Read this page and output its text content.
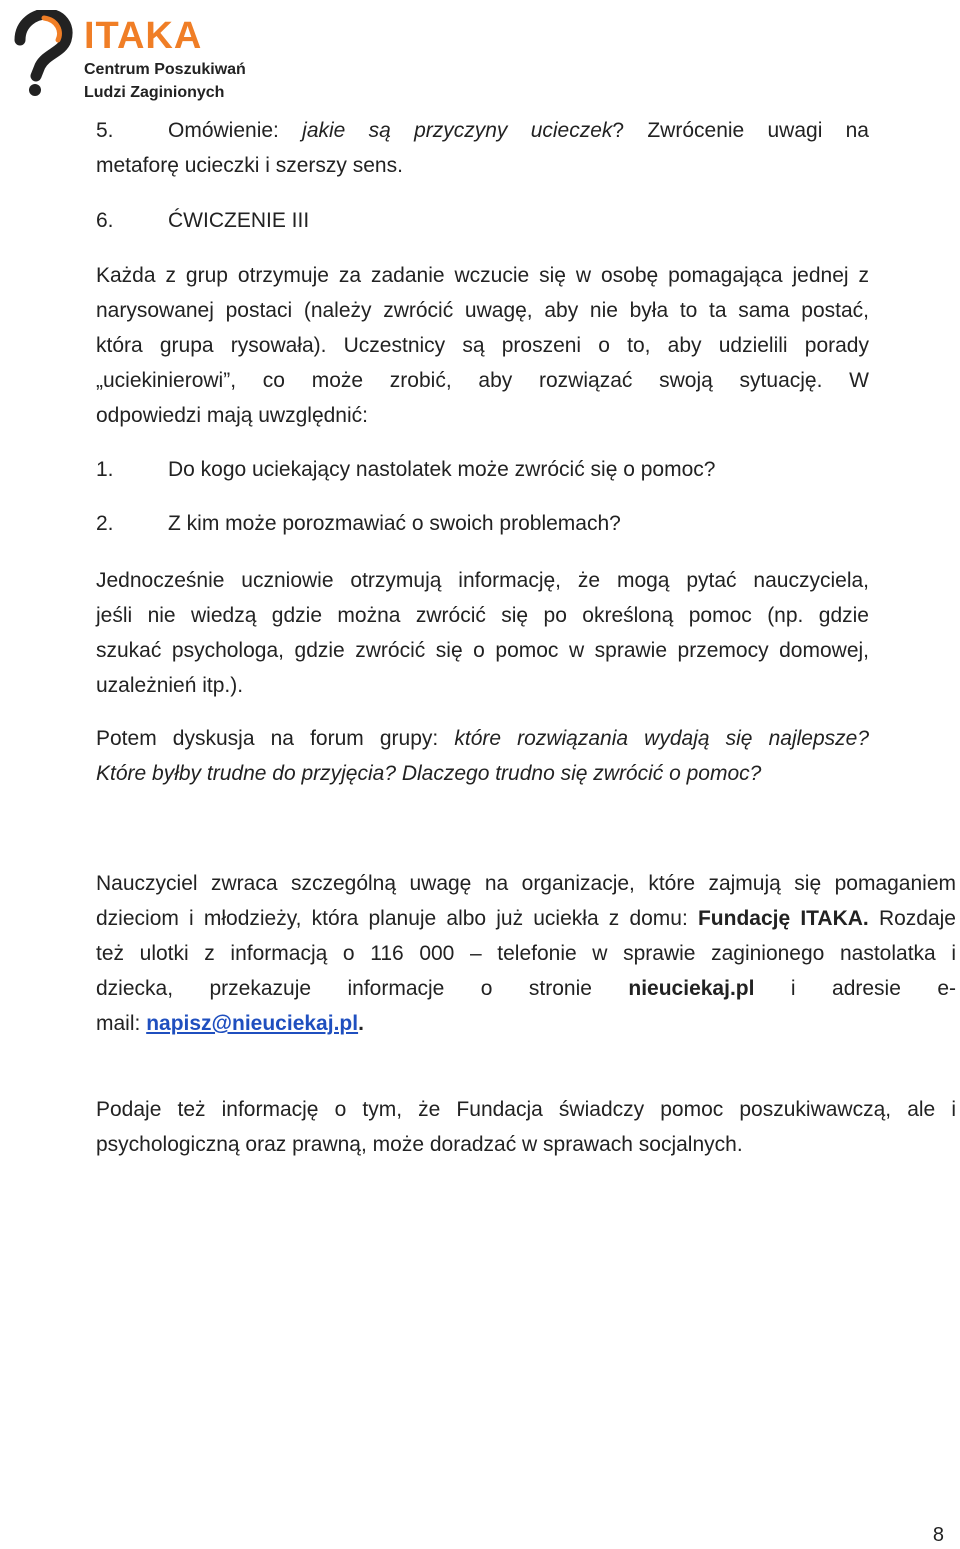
ITAKA
Centrum Poszukiwań
Ludzi Zaginionych
5.	Omówienie: jakie są przyczyny ucieczek? Zwrócenie uwagi na
metaforę ucieczki i szerszy sens.
6.	ĆWICZENIE III
Każda z grup otrzymuje za zadanie wczucie się w osobę pomagająca jednej z
narysowanej postaci (należy zwrócić uwagę, aby nie była to ta sama postać,
która grupa rysowała). Uczestnicy są proszeni o to, aby udzielili porady
„uciekinierowi”, co może zrobić, aby rozwiązać swoją sytuację. W
odpowiedzi mają uwzględnić:
1.	Do kogo uciekający nastolatek może zwrócić się o pomoc?
2.	Z kim może porozmawiać o swoich problemach?
Jednocześnie uczniowie otrzymują informację, że mogą pytać nauczyciela,
jeśli nie wiedzą gdzie można zwrócić się po określoną pomoc (np. gdzie
szukać psychologa, gdzie zwrócić się o pomoc w sprawie przemocy domowej,
uzależnień itp.).
Potem dyskusja na forum grupy: które rozwiązania wydają się najlepsze?
Które byłby trudne do przyjęcia? Dlaczego trudno się zwrócić o pomoc?
Nauczyciel zwraca szczególną uwagę na organizacje, które zajmują się pomaganiem
dzieciom i młodzieży, która planuje albo już uciekła z domu: Fundację ITAKA. Rozdaje
też ulotki z informacją o 116 000 – telefonie w sprawie zaginionego nastolatka i
dziecka, przekazuje informacje o stronie nieuciekaj.pl i adresie e-
mail: napisz@nieuciekaj.pl.
Podaje też informację o tym, że Fundacja świadczy pomoc poszukiwawczą, ale i
psychologiczną oraz prawną, może doradzać w sprawach socjalnych.
8
